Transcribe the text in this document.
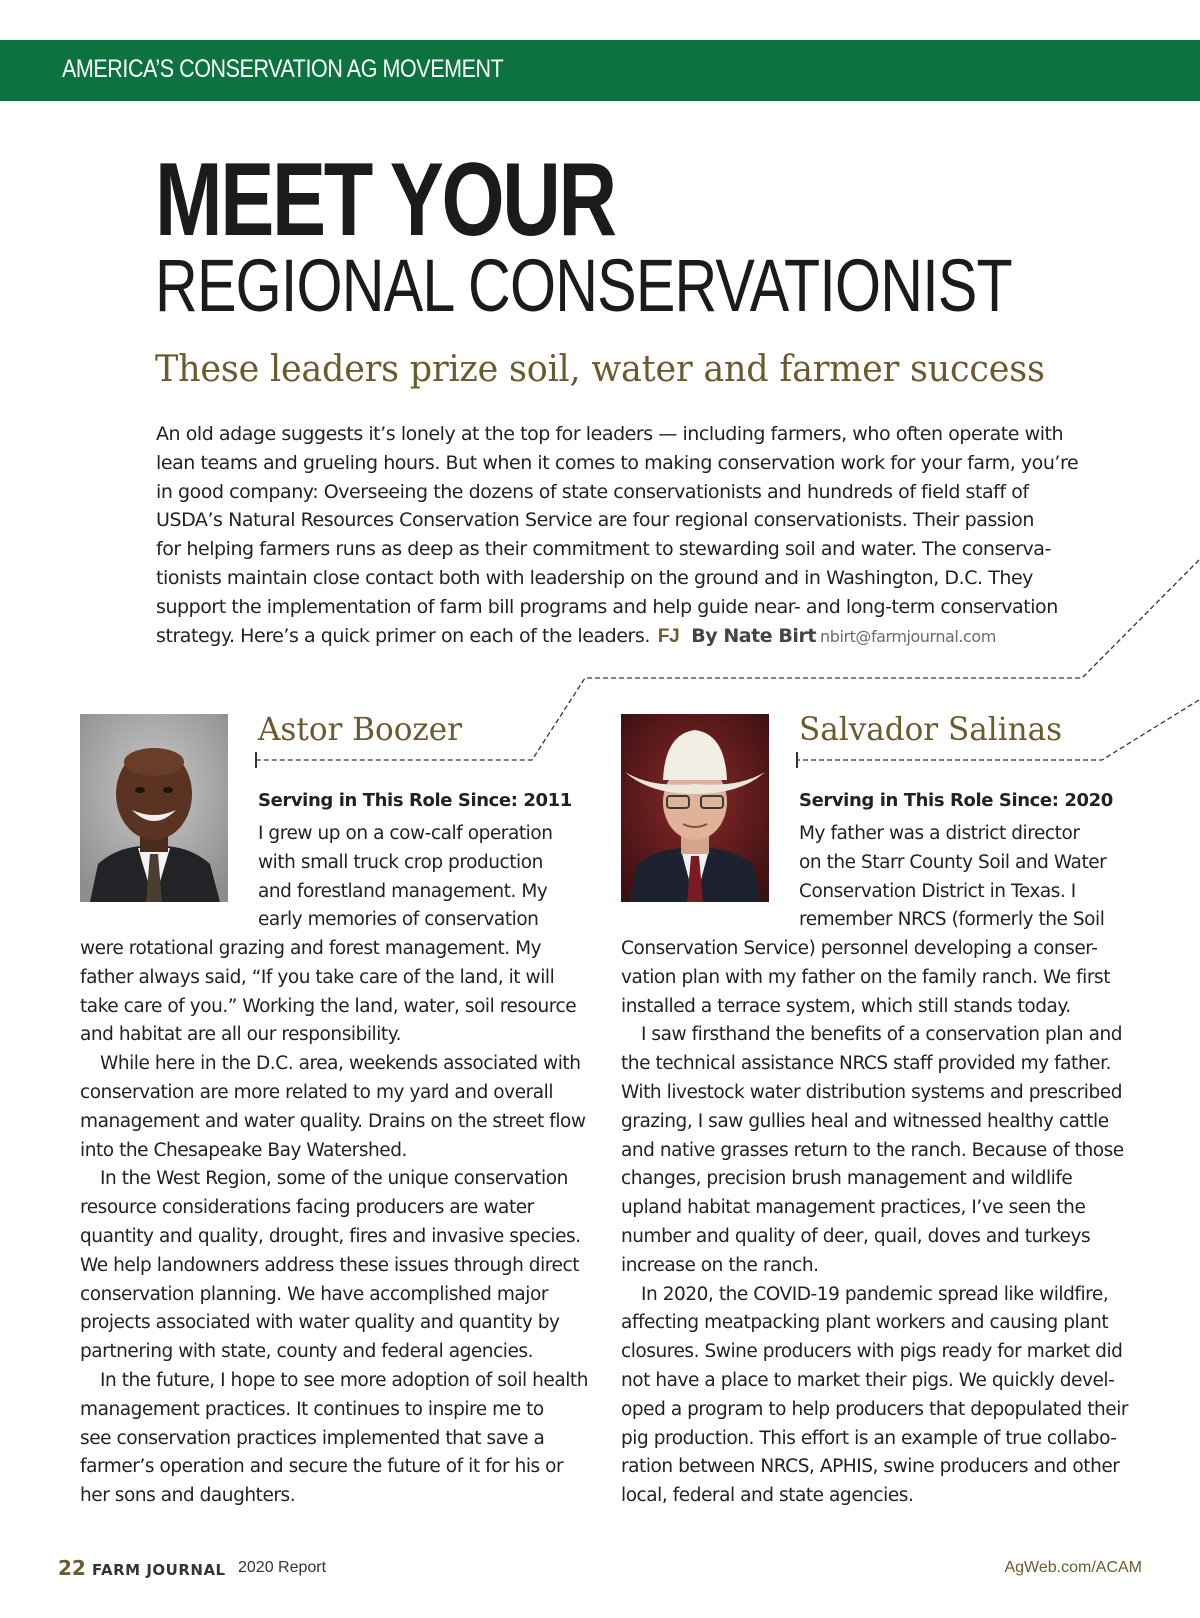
AMERICA’S CONSERVATION AG MOVEMENT
MEET YOUR
REGIONAL CONSERVATIONIST
These leaders prize soil, water and farmer success

An old adage suggests it’s lonely at the top for leaders — including farmers, who often operate with
lean teams and grueling hours. But when it comes to making conservation work for your farm, you’re
in good company: Overseeing the dozens of state conservationists and hundreds of field staff of
USDA’s Natural Resources Conservation Service are four regional conservationists. Their passion
for helping farmers runs as deep as their commitment to stewarding soil and water. The conserva-
tionists maintain close contact both with leadership on the ground and in Washington, D.C. They
support the implementation of farm bill programs and help guide near- and long-term conservation
strategy. Here’s a quick primer on each of the leaders. FJ By Nate Birt nbirt@farmjournal.com

Astor Boozer
Serving in This Role Since: 2011
I grew up on a cow-calf operation
with small truck crop production
and forestland management. My
early memories of conservation
were rotational grazing and forest management. My
father always said, “If you take care of the land, it will
take care of you.” Working the land, water, soil resource
and habitat are all our responsibility.
While here in the D.C. area, weekends associated with
conservation are more related to my yard and overall
management and water quality. Drains on the street flow
into the Chesapeake Bay Watershed.
In the West Region, some of the unique conservation
resource considerations facing producers are water
quantity and quality, drought, fires and invasive species.
We help landowners address these issues through direct
conservation planning. We have accomplished major
projects associated with water quality and quantity by
partnering with state, county and federal agencies.
In the future, I hope to see more adoption of soil health
management practices. It continues to inspire me to
see conservation practices implemented that save a
farmer’s operation and secure the future of it for his or
her sons and daughters.
Salvador Salinas
Serving in This Role Since: 2020
My father was a district director
on the Starr County Soil and Water
Conservation District in Texas. I
remember NRCS (formerly the Soil
Conservation Service) personnel developing a conser-
vation plan with my father on the family ranch. We first
installed a terrace system, which still stands today.
I saw firsthand the benefits of a conservation plan and
the technical assistance NRCS staff provided my father.
With livestock water distribution systems and prescribed
grazing, I saw gullies heal and witnessed healthy cattle
and native grasses return to the ranch. Because of those
changes, precision brush management and wildlife
upland habitat management practices, I’ve seen the
number and quality of deer, quail, doves and turkeys
increase on the ranch.
In 2020, the COVID-19 pandemic spread like wildfire,
affecting meatpacking plant workers and causing plant
closures. Swine producers with pigs ready for market did
not have a place to market their pigs. We quickly devel-
oped a program to help producers that depopulated their
pig production. This effort is an example of true collabo-
ration between NRCS, APHIS, swine producers and other
local, federal and state agencies.
22 FARM JOURNAL 2020 Report	AgWeb.com/ACAM
